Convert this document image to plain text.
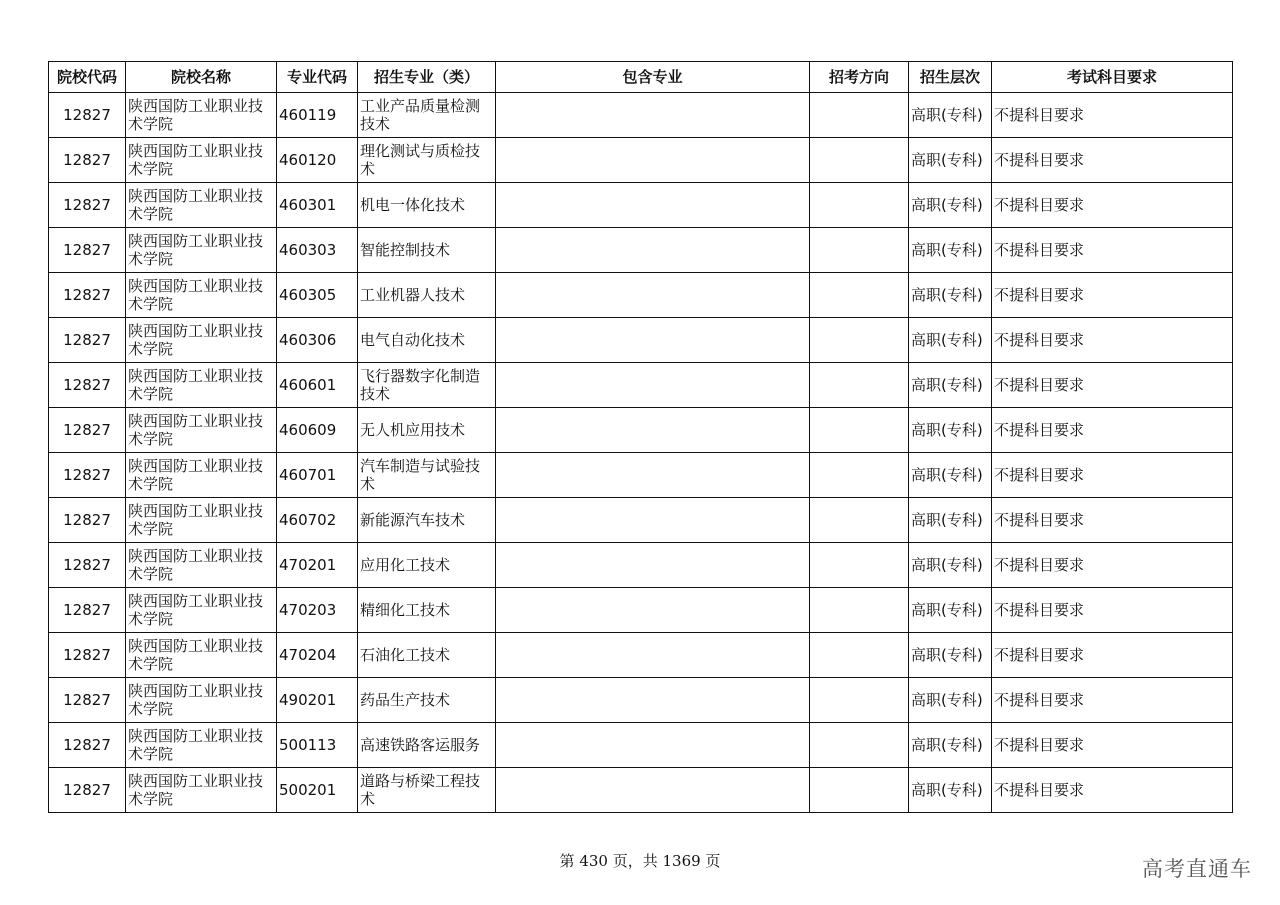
院校代码	院校名称	专业代码	招生专业（类）	包含专业	招考方向	招生层次	考试科目要求
12827	陕西国防工业职业技术学院	460119	工业产品质量检测技术			高职(专科)	不提科目要求
12827	陕西国防工业职业技术学院	460120	理化测试与质检技术			高职(专科)	不提科目要求
12827	陕西国防工业职业技术学院	460301	机电一体化技术			高职(专科)	不提科目要求
12827	陕西国防工业职业技术学院	460303	智能控制技术			高职(专科)	不提科目要求
12827	陕西国防工业职业技术学院	460305	工业机器人技术			高职(专科)	不提科目要求
12827	陕西国防工业职业技术学院	460306	电气自动化技术			高职(专科)	不提科目要求
12827	陕西国防工业职业技术学院	460601	飞行器数字化制造技术			高职(专科)	不提科目要求
12827	陕西国防工业职业技术学院	460609	无人机应用技术			高职(专科)	不提科目要求
12827	陕西国防工业职业技术学院	460701	汽车制造与试验技术			高职(专科)	不提科目要求
12827	陕西国防工业职业技术学院	460702	新能源汽车技术			高职(专科)	不提科目要求
12827	陕西国防工业职业技术学院	470201	应用化工技术			高职(专科)	不提科目要求
12827	陕西国防工业职业技术学院	470203	精细化工技术			高职(专科)	不提科目要求
12827	陕西国防工业职业技术学院	470204	石油化工技术			高职(专科)	不提科目要求
12827	陕西国防工业职业技术学院	490201	药品生产技术			高职(专科)	不提科目要求
12827	陕西国防工业职业技术学院	500113	高速铁路客运服务			高职(专科)	不提科目要求
12827	陕西国防工业职业技术学院	500201	道路与桥梁工程技术			高职(专科)	不提科目要求
第 430 页，共 1369 页	高考直通车
